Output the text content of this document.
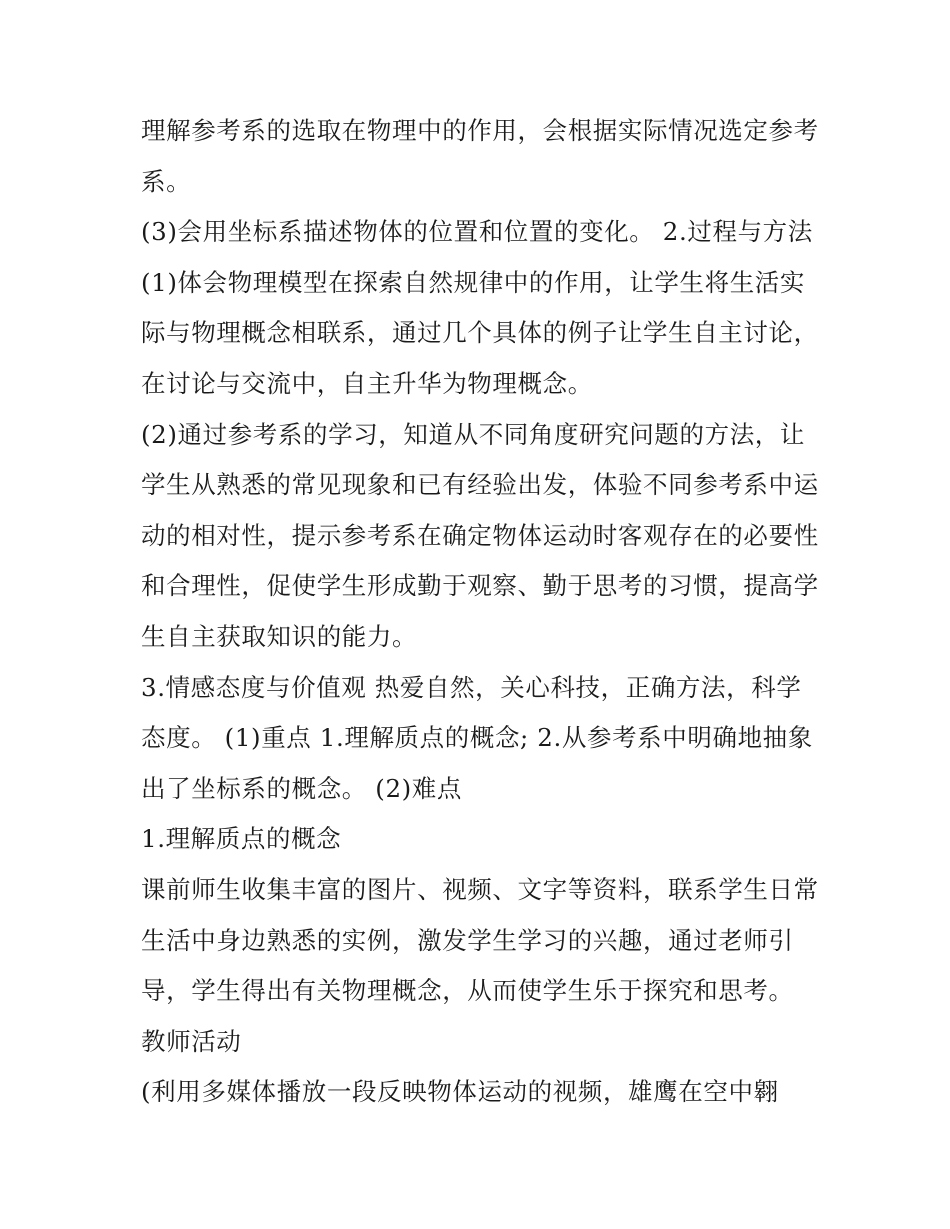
理解参考系的选取在物理中的作用，会根据实际情况选定参考系。

(3)会用坐标系描述物体的位置和位置的变化。 2.过程与方法

(1)体会物理模型在探索自然规律中的作用，让学生将生活实际与物理概念相联系，通过几个具体的例子让学生自主讨论，在讨论与交流中，自主升华为物理概念。

(2)通过参考系的学习，知道从不同角度研究问题的方法，让学生从熟悉的常见现象和已有经验出发，体验不同参考系中运动的相对性，提示参考系在确定物体运动时客观存在的必要性和合理性，促使学生形成勤于观察、勤于思考的习惯，提高学生自主获取知识的能力。

3.情感态度与价值观 热爱自然，关心科技，正确方法，科学态度。 (1)重点 1.理解质点的概念; 2.从参考系中明确地抽象出了坐标系的概念。 (2)难点

1.理解质点的概念

课前师生收集丰富的图片、视频、文字等资料，联系学生日常生活中身边熟悉的实例，激发学生学习的兴趣，通过老师引导，学生得出有关物理概念，从而使学生乐于探究和思考。

教师活动

(利用多媒体播放一段反映物体运动的视频，雄鹰在空中翱
